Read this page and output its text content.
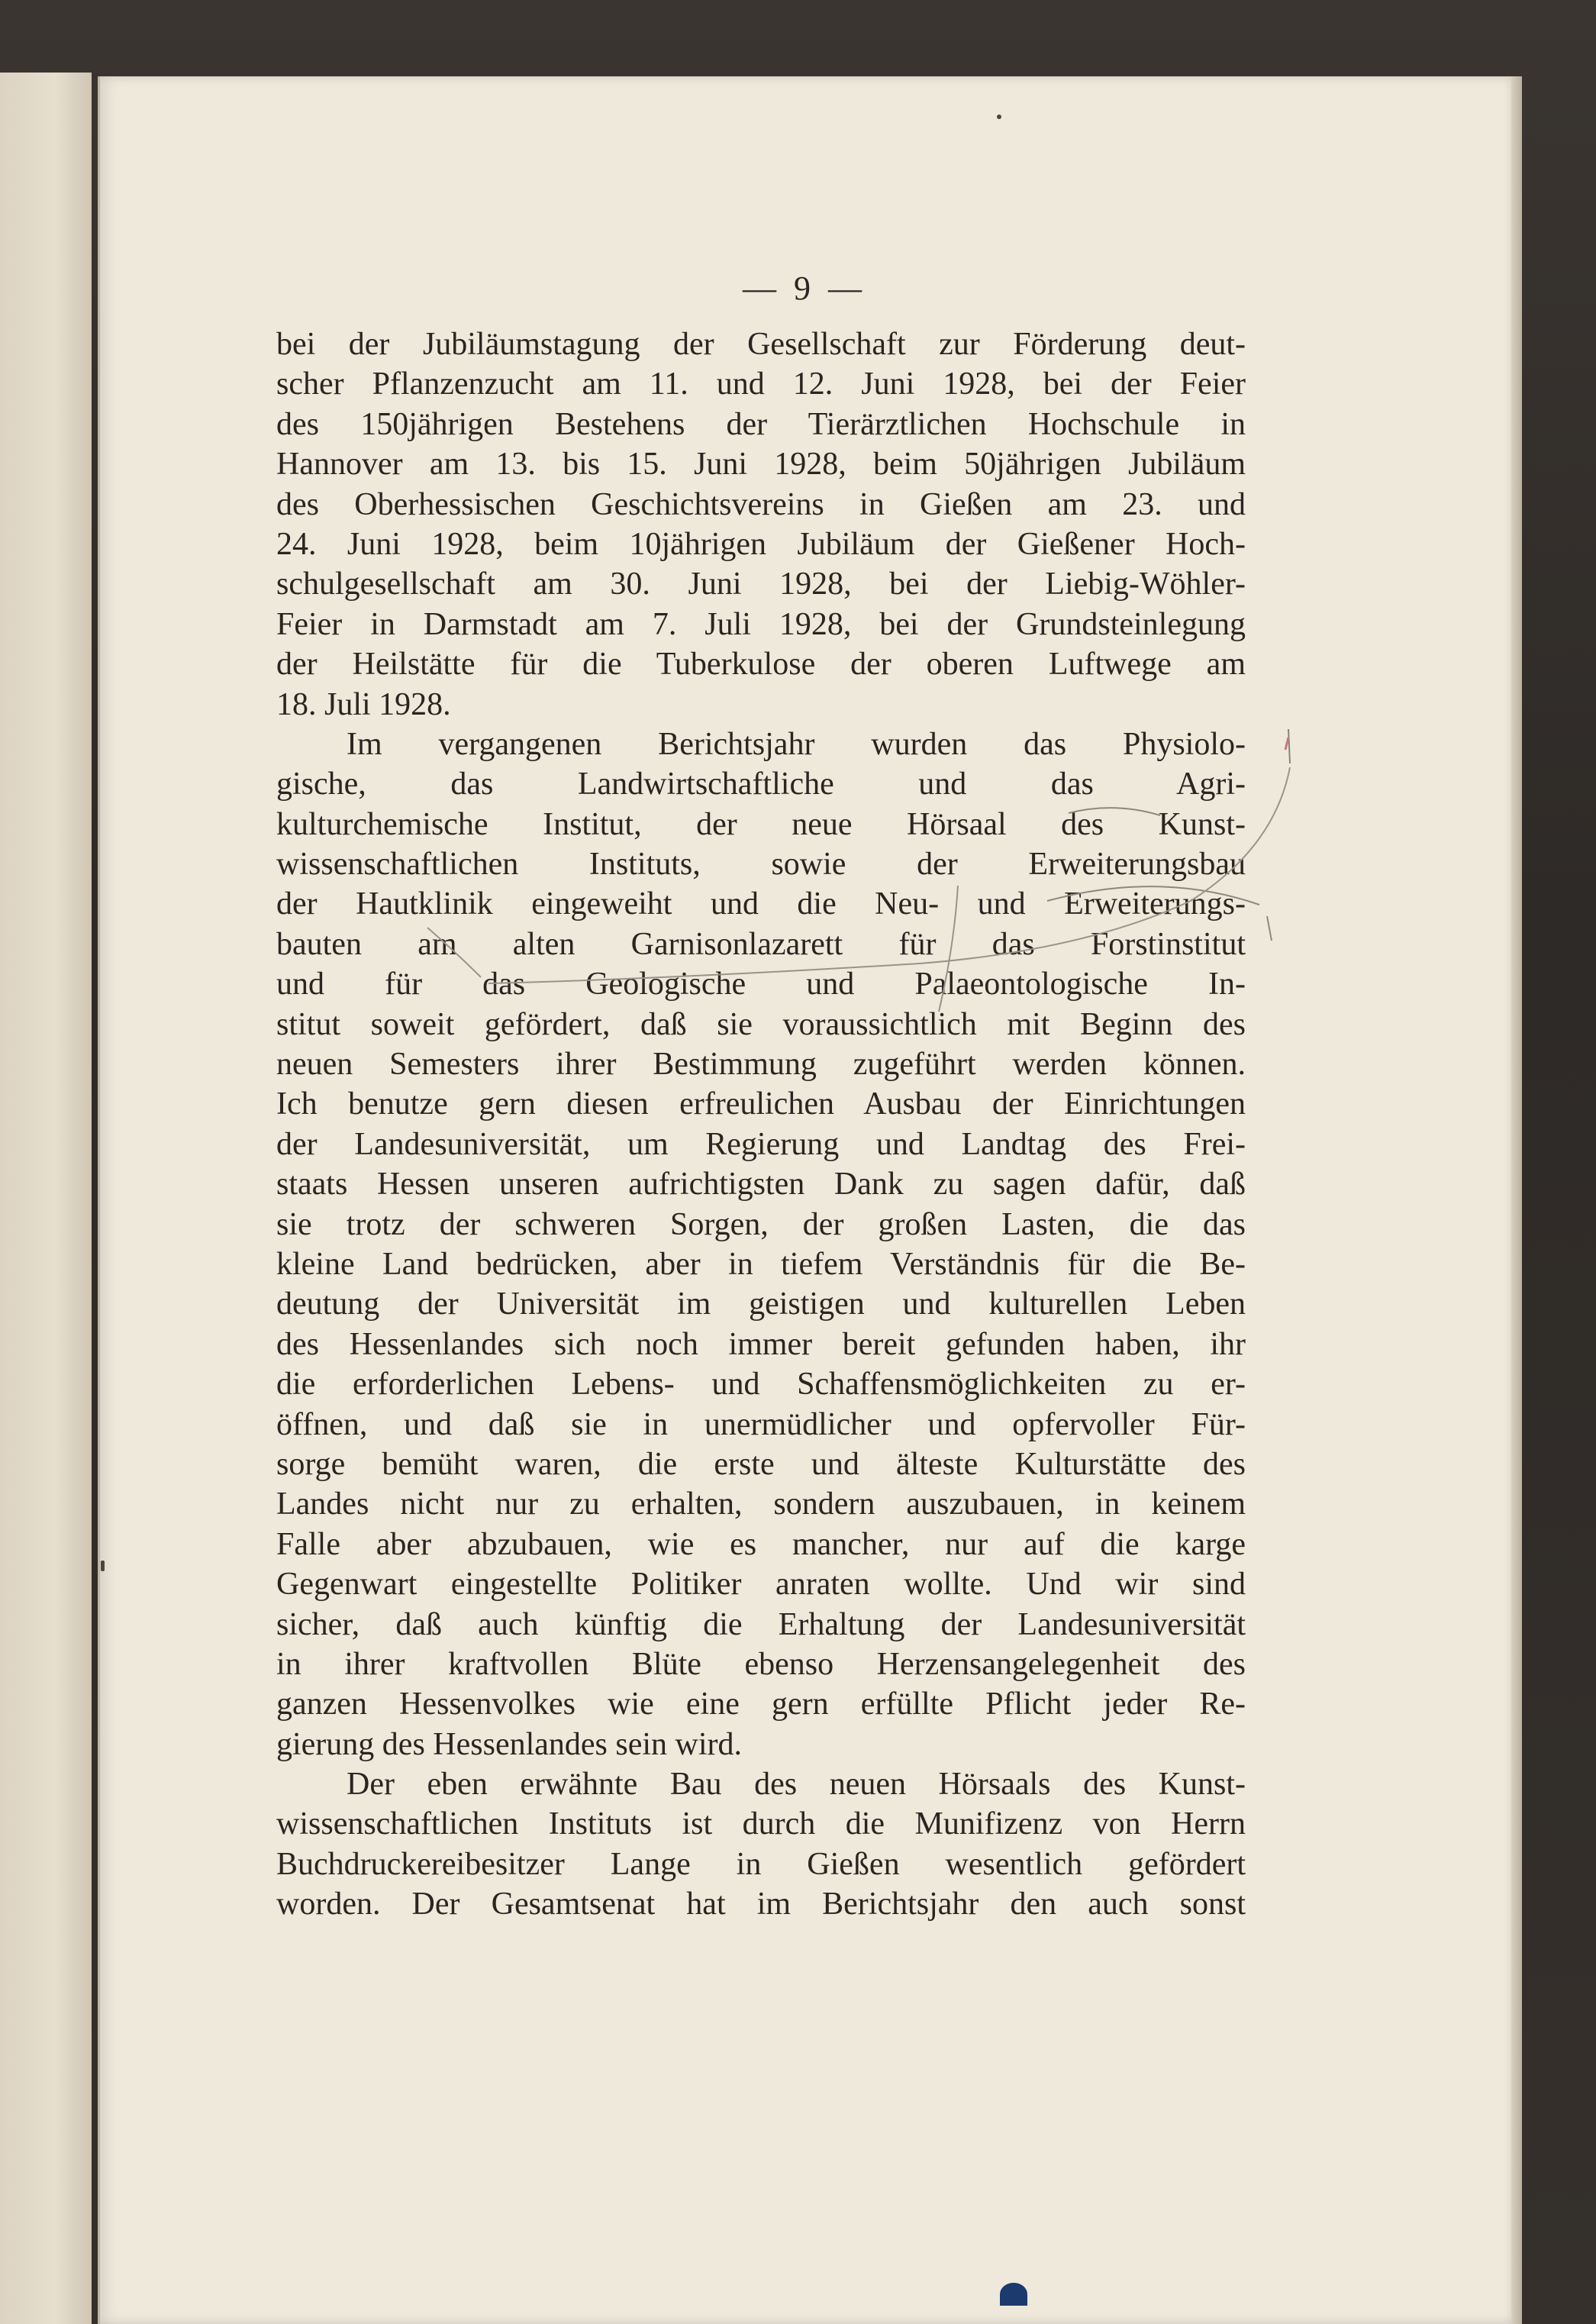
— 9 —
bei der Jubiläumstagung der Gesellschaft zur Förderung deut-
scher Pflanzenzucht am 11. und 12. Juni 1928, bei der Feier
des 150jährigen Bestehens der Tierärztlichen Hochschule in
Hannover am 13. bis 15. Juni 1928, beim 50jährigen Jubiläum
des Oberhessischen Geschichtsvereins in Gießen am 23. und
24. Juni 1928, beim 10jährigen Jubiläum der Gießener Hoch-
schulgesellschaft am 30. Juni 1928, bei der Liebig-Wöhler-
Feier in Darmstadt am 7. Juli 1928, bei der Grundsteinlegung
der Heilstätte für die Tuberkulose der oberen Luftwege am
18. Juli 1928.
Im vergangenen Berichtsjahr wurden das Physiolo-
gische, das Landwirtschaftliche und das Agri-
kulturchemische Institut, der neue Hörsaal des Kunst-
wissenschaftlichen Instituts, sowie der Erweiterungsbau
der Hautklinik eingeweiht und die Neu- und Erweiterungs-
bauten am alten Garnisonlazarett für das Forstinstitut
und für das Geologische und Palaeontologische In-
stitut soweit gefördert, daß sie voraussichtlich mit Beginn des
neuen Semesters ihrer Bestimmung zugeführt werden können.
Ich benutze gern diesen erfreulichen Ausbau der Einrichtungen
der Landesuniversität, um Regierung und Landtag des Frei-
staats Hessen unseren aufrichtigsten Dank zu sagen dafür, daß
sie trotz der schweren Sorgen, der großen Lasten, die das
kleine Land bedrücken, aber in tiefem Verständnis für die Be-
deutung der Universität im geistigen und kulturellen Leben
des Hessenlandes sich noch immer bereit gefunden haben, ihr
die erforderlichen Lebens- und Schaffensmöglichkeiten zu er-
öffnen, und daß sie in unermüdlicher und opfervoller Für-
sorge bemüht waren, die erste und älteste Kulturstätte des
Landes nicht nur zu erhalten, sondern auszubauen, in keinem
Falle aber abzubauen, wie es mancher, nur auf die karge
Gegenwart eingestellte Politiker anraten wollte. Und wir sind
sicher, daß auch künftig die Erhaltung der Landesuniversität
in ihrer kraftvollen Blüte ebenso Herzensangelegenheit des
ganzen Hessenvolkes wie eine gern erfüllte Pflicht jeder Re-
gierung des Hessenlandes sein wird.
Der eben erwähnte Bau des neuen Hörsaals des Kunst-
wissenschaftlichen Instituts ist durch die Munifizenz von Herrn
Buchdruckereibesitzer Lange in Gießen wesentlich gefördert
worden. Der Gesamtsenat hat im Berichtsjahr den auch sonst
